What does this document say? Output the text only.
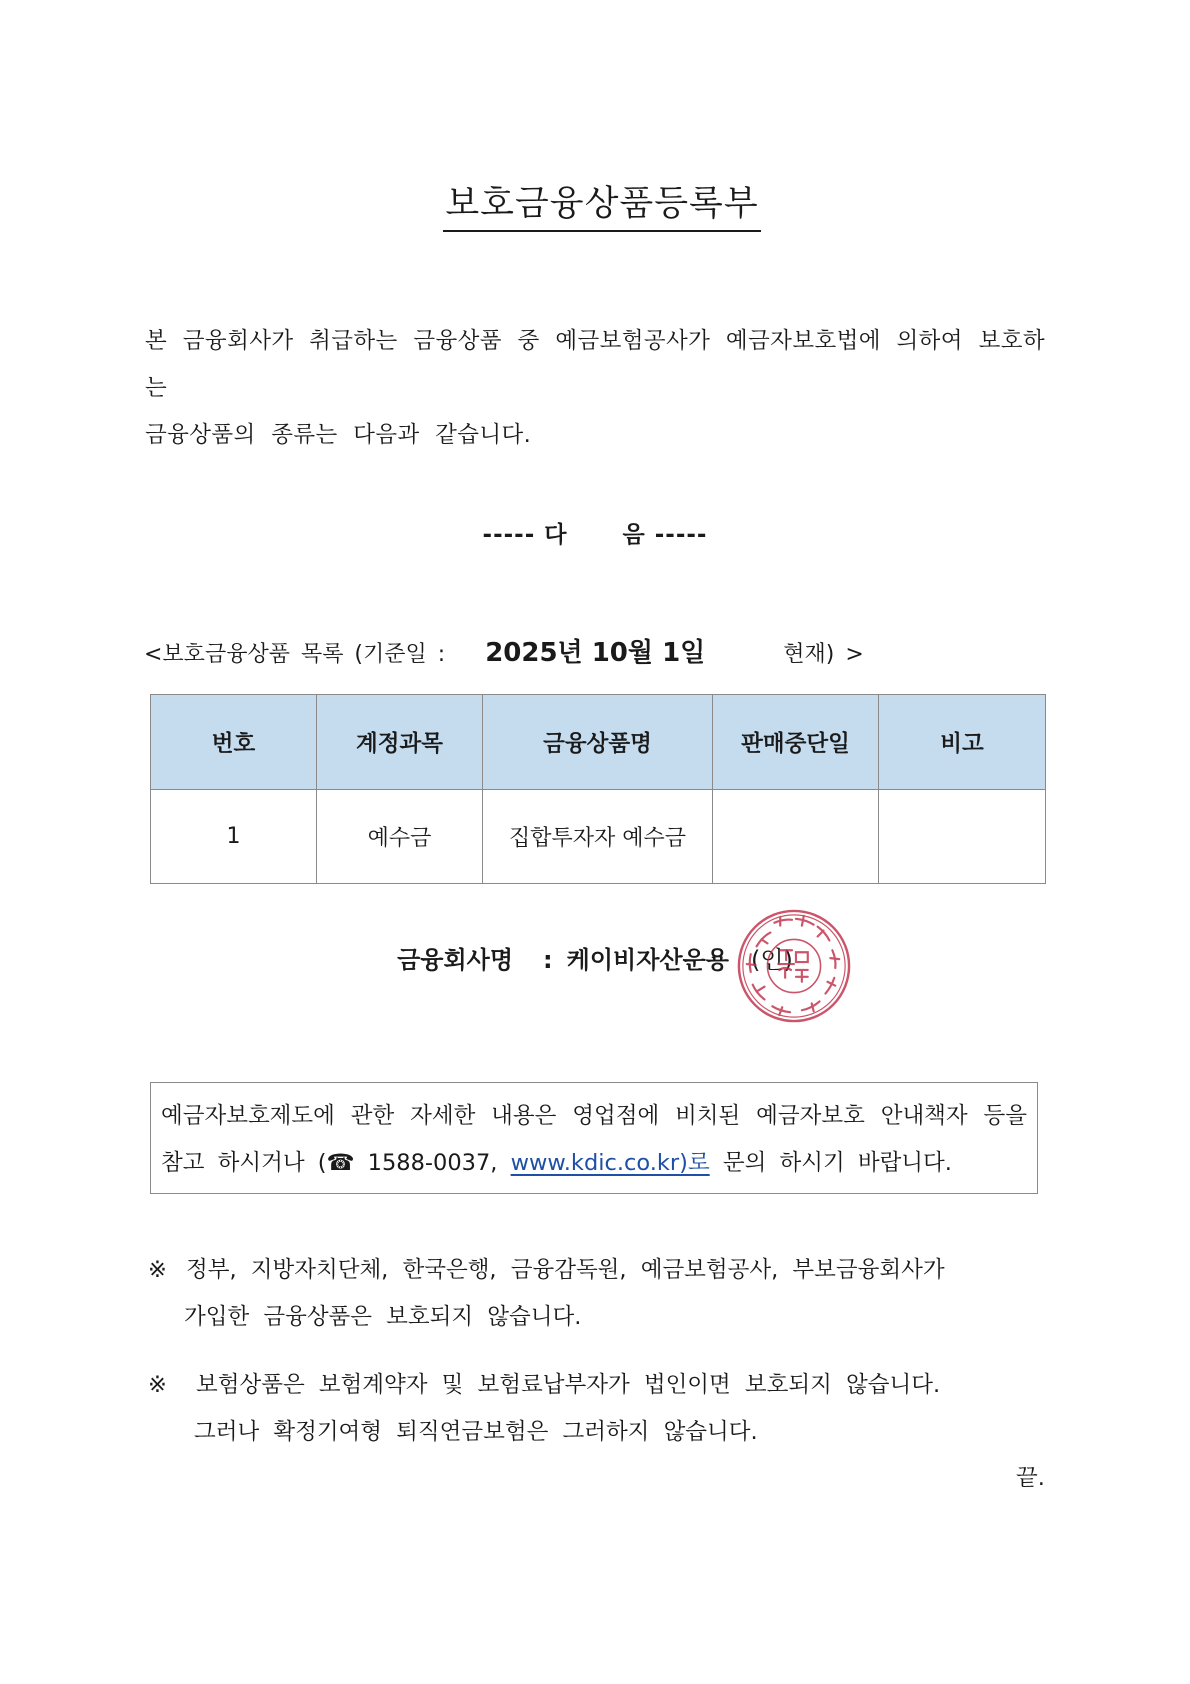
보호금융상품등록부
본 금융회사가 취급하는 금융상품 중 예금보험공사가 예금자보호법에 의하여 보호하는
금융상품의 종류는 다음과 같습니다.
----- 다 음 -----
<보호금융상품 목록 (기준일 : 2025년 10월 1일	현재) >
번호	계정과목	금융상품명	판매중단일	비고
1	예수금	집합투자자 예수금		
금융회사명 : 케이비자산운용 (인)
예금자보호제도에 관한 자세한 내용은 영업점에 비치된 예금자보호 안내책자 등을
참고 하시거나 (☎ 1588-0037, www.kdic.co.kr)로 문의 하시기 바랍니다.
※ 정부, 지방자치단체, 한국은행, 금융감독원, 예금보험공사, 부보금융회사가
가입한 금융상품은 보호되지 않습니다.
※ 보험상품은 보험계약자 및 보험료납부자가 법인이면 보호되지 않습니다.
그러나 확정기여형 퇴직연금보험은 그러하지 않습니다.
끝.
